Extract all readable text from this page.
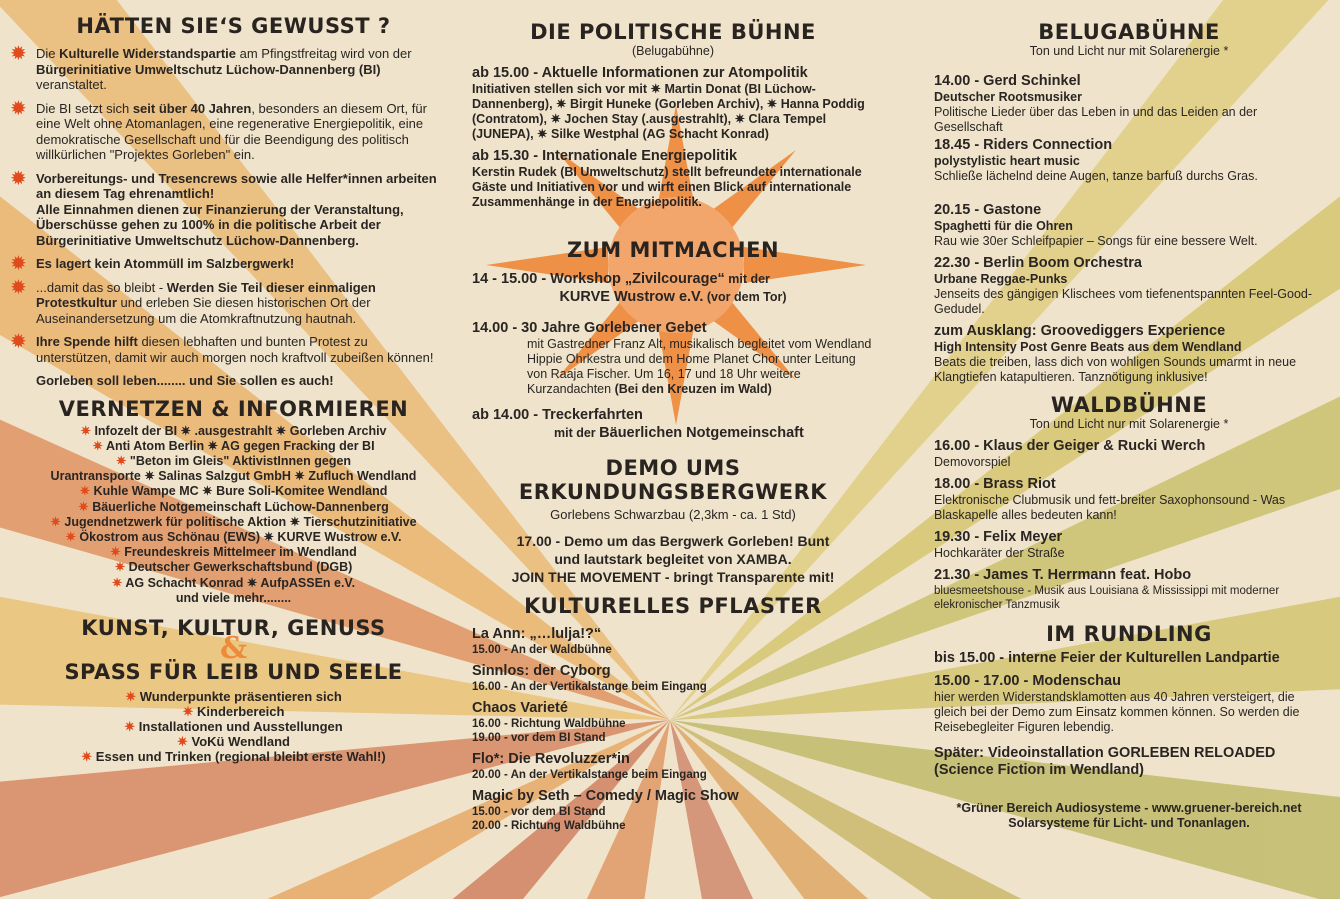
HÄTTEN SIE‘S GEWUSST ?
✹ Die Kulturelle Widerstandspartie am Pfingstfreitag wird von der Bürgerinitiative Umweltschutz Lüchow-Dannenberg (BI) veranstaltet.
✹ Die BI setzt sich seit über 40 Jahren, besonders an diesem Ort, für eine Welt ohne Atomanlagen, eine regenerative Energiepolitik, eine demokratische Gesellschaft und für die Beendigung des politisch willkürlichen "Projektes Gorleben" ein.
✹ Vorbereitungs- und Tresencrews sowie alle Helfer*innen arbeiten an diesem Tag ehrenamtlich!
Alle Einnahmen dienen zur Finanzierung der Veranstaltung, Überschüsse gehen zu 100% in die politische Arbeit der Bürgerinitiative Umweltschutz Lüchow-Dannenberg.
✹ Es lagert kein Atommüll im Salzbergwerk!
✹ ...damit das so bleibt - Werden Sie Teil dieser einmaligen Protestkultur und erleben Sie diesen historischen Ort der Auseinandersetzung um die Atomkraftnutzung hautnah.
✹ Ihre Spende hilft diesen lebhaften und bunten Protest zu unterstützen, damit wir auch morgen noch kraftvoll zubeißen können!

Gorleben soll leben........ und Sie sollen es auch!

VERNETZEN & INFORMIEREN
✷ Infozelt der BI ✷ .ausgestrahlt ✷ Gorleben Archiv
✷ Anti Atom Berlin ✷ AG gegen Fracking der BI
✷ "Beton im Gleis" AktivistInnen gegen
Urantransporte ✷ Salinas Salzgut GmbH ✷ Zufluch Wendland
✷ Kuhle Wampe MC ✷ Bure Soli-Komitee Wendland
✷ Bäuerliche Notgemeinschaft Lüchow-Dannenberg
✷ Jugendnetzwerk für politische Aktion ✷ Tierschutzinitiative
✷ Ökostrom aus Schönau (EWS) ✷ KURVE Wustrow e.V.
✷ Freundeskreis Mittelmeer im Wendland
✷ Deutscher Gewerkschaftsbund (DGB)
✷ AG Schacht Konrad ✷ AufpASSEn e.V.
und viele mehr........
KUNST, KULTUR, GENUSS
&
SPASS FÜR LEIB UND SEELE
✷ Wunderpunkte präsentieren sich
✷ Kinderbereich
✷ Installationen und Ausstellungen
✷ VoKü Wendland
✷ Essen und Trinken (regional bleibt erste Wahl!)
DIE POLITISCHE BÜHNE

(Belugabühne)

ab 15.00 - Aktuelle Informationen zur Atompolitik
Initiativen stellen sich vor mit ✷ Martin Donat (BI Lüchow-Dannenberg), ✷ Birgit Huneke (Gorleben Archiv), ✷ Hanna Poddig (Contratom), ✷ Jochen Stay (.ausgestrahlt), ✷ Clara Tempel (JUNEPA), ✷ Silke Westphal (AG Schacht Konrad)
ab 15.30 - Internationale Energiepolitik
Kerstin Rudek (BI Umweltschutz) stellt befreundete internationale Gäste und Initiativen vor und wirft einen Blick auf internationale Zusammenhänge in der Energiepolitik.
ZUM MITMACHEN
14 - 15.00 - Workshop „Zivilcourage“ mit der
KURVE Wustrow e.V. (vor dem Tor)
14.00 - 30 Jahre Gorlebener Gebet
mit Gastredner Franz Alt, musikalisch begleitet vom Wendland Hippie Ohrkestra und dem Home Planet Chor unter Leitung von Raaja Fischer. Um 16, 17 und 18 Uhr weitere Kurzandachten (Bei den Kreuzen im Wald)
ab 14.00 - Treckerfahrten
mit der Bäuerlichen Notgemeinschaft
DEMO UMS ERKUNDUNGSBERGWERK

Gorlebens Schwarzbau (2,3km - ca. 1 Std)

17.00 - Demo um das Bergwerk Gorleben! Bunt
und lautstark begleitet von XAMBA.
JOIN THE MOVEMENT - bringt Transparente mit!
KULTURELLES PFLASTER
La Ann: „…lulja!?“
15.00 - An der Waldbühne
Sinnlos: der Cyborg
16.00 - An der Vertikalstange beim Eingang
Chaos Varieté
16.00 - Richtung Waldbühne
19.00 - vor dem BI Stand
Flo*: Die Revoluzzer*in
20.00 - An der Vertikalstange beim Eingang
Magic by Seth – Comedy / Magic Show
15.00 - vor dem BI Stand
20.00 - Richtung Waldbühne
BELUGABÜHNE

Ton und Licht nur mit Solarenergie *

14.00 - Gerd Schinkel
Deutscher Rootsmusiker
Politische Lieder über das Leben in und das Leiden an der Gesellschaft
18.45 - Riders Connection
polystylistic heart music
Schließe lächelnd deine Augen, tanze barfuß durchs Gras.
20.15 - Gastone
Spaghetti für die Ohren
Rau wie 30er Schleifpapier – Songs für eine bessere Welt.
22.30 - Berlin Boom Orchestra
Urbane Reggae-Punks
Jenseits des gängigen Klischees vom tiefenentspannten Feel-Good-Gedudel.
zum Ausklang: Groovediggers Experience
High Intensity Post Genre Beats aus dem Wendland
Beats die treiben, lass dich von wohligen Sounds umarmt in neue Klangtiefen katapultieren. Tanznötigung inklusive!
WALDBÜHNE

Ton und Licht nur mit Solarenergie *

16.00 - Klaus der Geiger & Rucki Werch
Demovorspiel
18.00 - Brass Riot
Elektronische Clubmusik und fett-breiter Saxophonsound - Was Blaskapelle alles bedeuten kann!
19.30 - Felix Meyer
Hochkaräter der Straße
21.30 - James T. Herrmann feat. Hobo
bluesmeetshouse - Musik aus Louisiana & Mississippi mit moderner elekronischer Tanzmusik
IM RUNDLING
bis 15.00 - interne Feier der Kulturellen Landpartie
15.00 - 17.00 - Modenschau
hier werden Widerstandsklamotten aus 40 Jahren versteigert, die gleich bei der Demo zum Einsatz kommen können. So werden die Reisebegleiter Figuren lebendig.
Später: Videoinstallation GORLEBEN RELOADED (Science Fiction im Wendland)
*Grüner Bereich Audiosysteme - www.gruener-bereich.net
Solarsysteme für Licht- und Tonanlagen.
